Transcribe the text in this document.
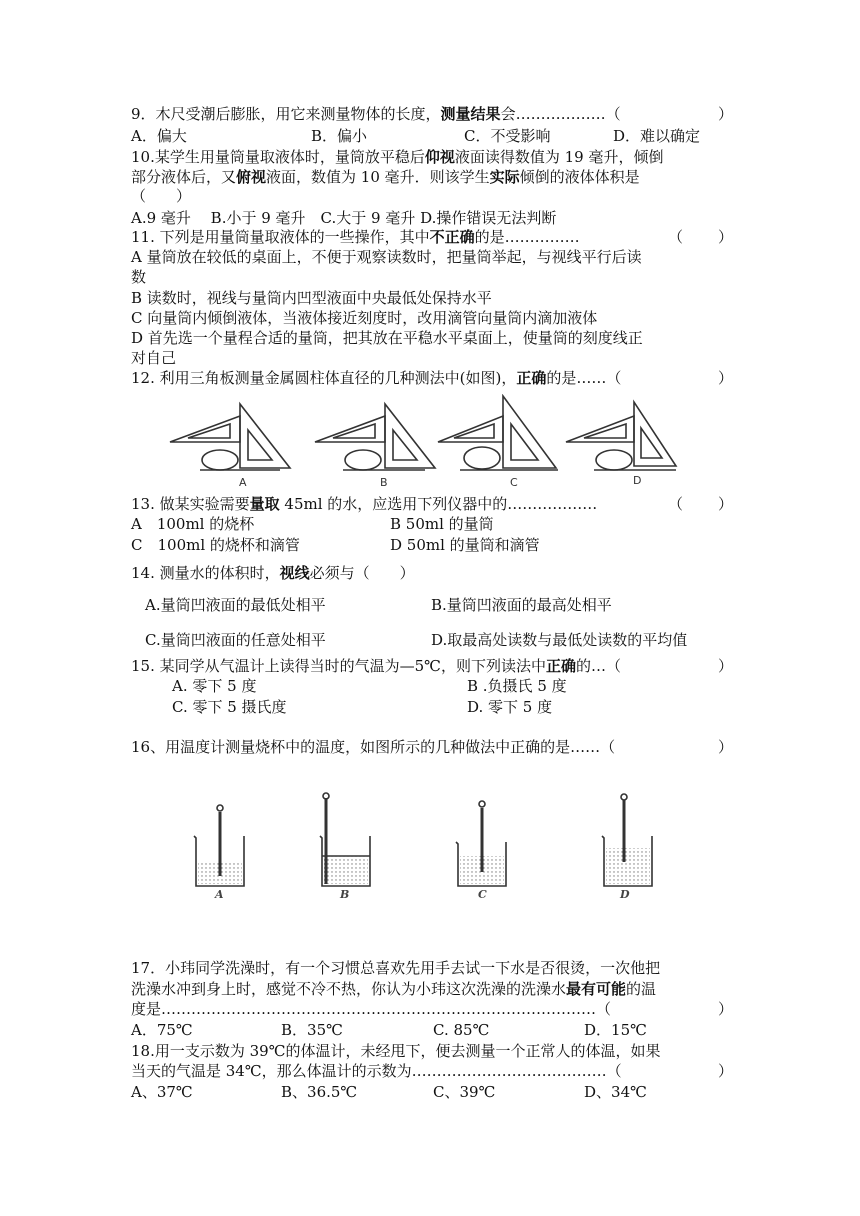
9．木尺受潮后膨胀，用它来测量物体的长度，测量结果会………………（	）
A．偏大	B．偏小	C．不受影响	D．难以确定
10.某学生用量筒量取液体时，量筒放平稳后仰视液面读得数值为 19 毫升，倾倒
部分液体后，又俯视液面，数值为 10 毫升．则该学生实际倾倒的液体体积是
（　　）
A.9 毫升　 B.小于 9 毫升　C.大于 9 毫升 D.操作错误无法判断
11. 下列是用量筒量取液体的一些操作，其中不正确的是……………	（ ）
A 量筒放在较低的桌面上，不便于观察读数时，把量筒举起，与视线平行后读
数
B 读数时，视线与量筒内凹型液面中央最低处保持水平
C 向量筒内倾倒液体，当液体接近刻度时，改用滴管向量筒内滴加液体
D 首先选一个量程合适的量筒，把其放在平稳水平桌面上，使量筒的刻度线正
对自己
12. 利用三角板测量金属圆柱体直径的几种测法中(如图)，正确的是……（	）
A	B	C	D
13. 做某实验需要量取 45ml 的水，应选用下列仪器中的………………	（ ）
A　100ml 的烧杯	B 50ml 的量筒
C　100ml 的烧杯和滴管	D 50ml 的量筒和滴管
14. 测量水的体积时，视线必须与（　　）
A.量筒凹液面的最低处相平	B.量筒凹液面的最高处相平
C.量筒凹液面的任意处相平	D.取最高处读数与最低处读数的平均值
15. 某同学从气温计上读得当时的气温为—5℃，则下列读法中正确的…（	）
A. 零下 5 度	B .负摄氏 5 度
C. 零下 5 摄氏度	D. 零下 5 度
16、用温度计测量烧杯中的温度，如图所示的几种做法中正确的是……（	）
A	B	C	D
17．小玮同学洗澡时，有一个习惯总喜欢先用手去试一下水是否很烫，一次他把
洗澡水冲到身上时，感觉不冷不热，你认为小玮这次洗澡的洗澡水最有可能的温
度是……………………………………………………………………………（	）
A．75℃	B．35℃	C. 85℃	D．15℃
18.用一支示数为 39℃的体温计，未经甩下，便去测量一个正常人的体温，如果
当天的气温是 34℃，那么体温计的示数为…………………………………（	）
A、37℃	B、36.5℃	C、39℃	D、34℃
